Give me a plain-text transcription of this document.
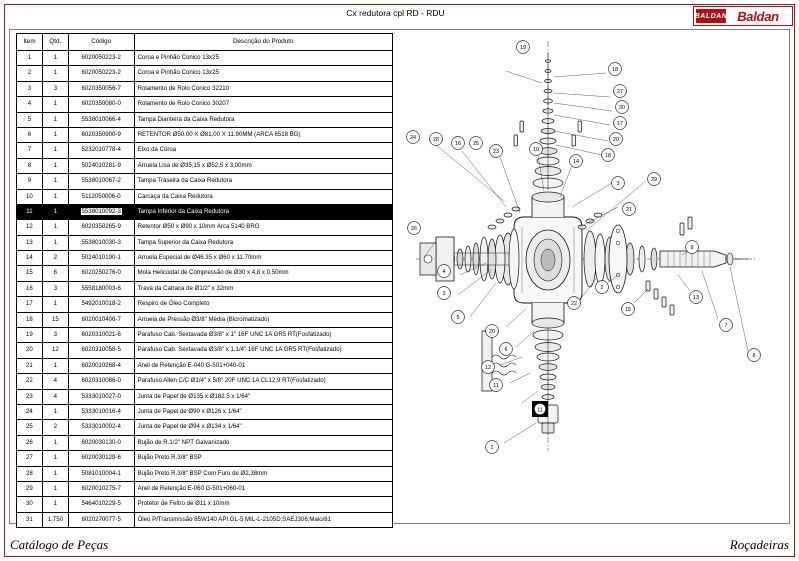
Cx redutora cpl RD - RDU	BALDAN Baldan
Item	Qtd.	Código	Descrição do Produto
1	1	6020050223-2	Coroa e Pinhão Conico 13x25
2	1	6020050223-2	Coroa e Pinhão Conico 13x25
3	3	6020350056-7	Rolamento de Rolo Conico 32210
4	1	6020350080-0	Rolamento de Rolo Conico 30207
5	1	5538010066-4	Tampa Dianteira da Caixa Redutora
6	1	6020350900-9	RETENTOR Ø50.00 X Ø81,00 X 11.90MM (ARCA 6518 BG)
7	1	5232010778-4	Eixo da Coroa
8	1	5024010281-9	Arruela Lisa de Ø35,15 x Ø52,5 x 3,00mm
9	1	5538010067-2	Tampa Traseira da Caixa Redutora
10	1	5112050006-0	Carcaça da Caixa Redutora
11	1	5538010092-3	Tampa Inferior da Caixa Redutora
12	1	6020350265-9	Retentor Ø50 x Ø90 x 10mm Arca 5140 BRG
13	1	5538010030-3	Tampa Superior da Caixa Redutora
14	2	5024010190-1	Arruela Especial de Ø46.35 x Ø60 x 11.70mm
15	6	6020250276-0	Mola Helicoidal de Compressão de Ø30 x 4,8 x 0.50mm
16	3	5558180003-6	Trava da Catraca de Ø1/2" x 32mm
17	1	5492010018-2	Respiro de Óleo Completo
18	15	6020010406-7	Arruela de Pressão Ø3/8" Média (Bicromatizado)
19	3	6020310021-6	Parafuso Cab. Sextavada Ø3/8" x 1" 16F UNC 1A GR5 RT(Fosfatizado)
20	12	6020310058-5	Parafuso Cab. Sextavada Ø3/8" x 1.1/4" 16F UNC 1A GR5 RT(Fosfatizado)
21	1	6020010268-4	Anel de Retenção E-040 G-501+040-01
22	4	6020310086-0	Parafuso Allen C/C Ø1/4" x 5/8" 20F UNC 1A CL12,9 RT(Fosfatizado)
23	4	5333010027-0	Junta de Papel de Ø135 x Ø182.5 x 1/64"
24	1	5333010016-4	Junta de Papel de Ø90 x Ø126 x 1/64"
25	2	5333010002-4	Junta de Papel de Ø94 x Ø134 x 1/64"
26	1	6020030130-0	Bujão de R.1/2" NPT Galvanizado
27	1	6020030129-6	Bujão Preto R.3/8" BSP
28	1	5081010004-1	Bujão Preto R.3/8" BSP Com Furo de Ø2,38mm
29	1	6020010275-7	Anel de Retenção E-060 G-501+060-01
30	1	5464010229-5	Protetor de Feltro de Ø11 x 10mm
31	1,750	6020270077-5	Óleo P/Transmissão 85W140 API GL-5 MIL-L-2105D;SAEJ306;Maio/81
11
19
18
27
30
17
20
18
24	28
16 25
23	10
14
3
29
21
26
4
3
5
20
6
12
11
1
22
2
15
13
7
8
9
Catálogo de Peças	Roçadeiras
